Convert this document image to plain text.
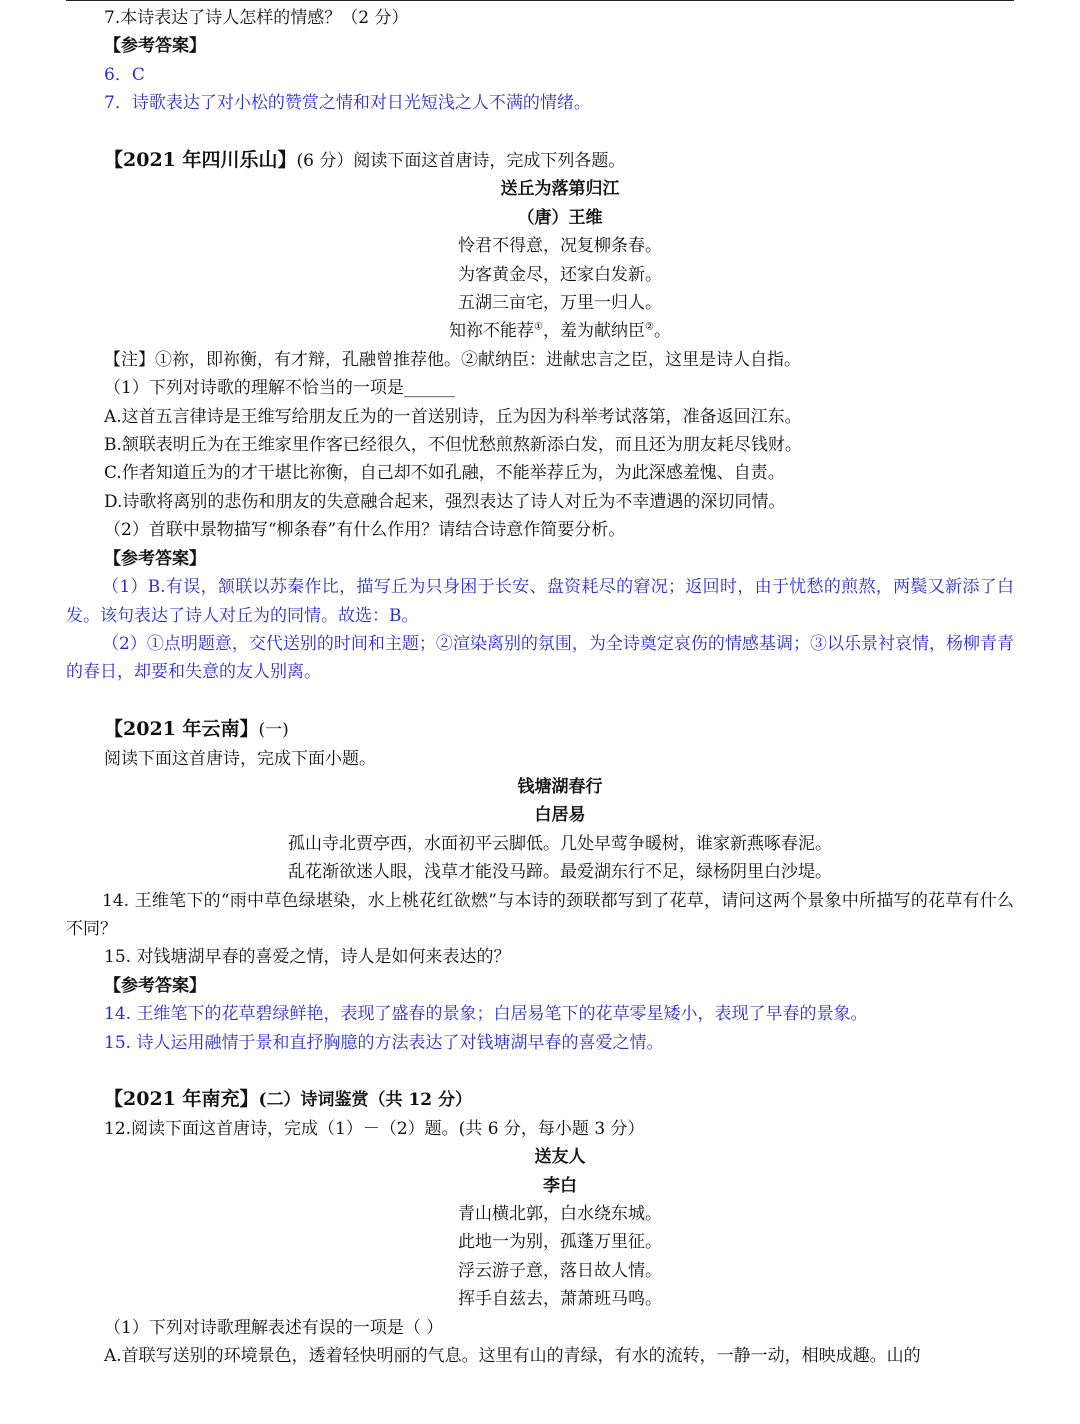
7.本诗表达了诗人怎样的情感？（2 分）
【参考答案】
6．C
7．诗歌表达了对小松的赞赏之情和对日光短浅之人不满的情绪。
【2021 年四川乐山】(6 分）阅读下面这首唐诗，完成下列各题。
送丘为落第归江
（唐）王维
怜君不得意，况复柳条春。
为客黄金尽，还家白发新。
五湖三亩宅，万里一归人。
知祢不能荐①，羞为献纳臣②。
【注】①祢，即祢衡，有才辩，孔融曾推荐他。②献纳臣：进献忠言之臣，这里是诗人自指。
（1）下列对诗歌的理解不恰当的一项是______
A.这首五言律诗是王维写给朋友丘为的一首送别诗，丘为因为科举考试落第，准备返回江东。
B.颔联表明丘为在王维家里作客已经很久，不但忧愁煎熬新添白发，而且还为朋友耗尽钱财。
C.作者知道丘为的才干堪比祢衡，自己却不如孔融，不能举荐丘为，为此深感羞愧、自责。
D.诗歌将离别的悲伤和朋友的失意融合起来，强烈表达了诗人对丘为不幸遭遇的深切同情。
（2）首联中景物描写“柳条春”有什么作用？请结合诗意作简要分析。
【参考答案】
（1）B.有误，颔联以苏秦作比，描写丘为只身困于长安、盘资耗尽的窘况；返回时，由于忧愁的煎熬，两鬓又新添了白发。该句表达了诗人对丘为的同情。故选：B。
（2）①点明题意，交代送别的时间和主题；②渲染离别的氛围，为全诗奠定哀伤的情感基调；③以乐景衬哀情，杨柳青青的春日，却要和失意的友人别离。
【2021 年云南】(一)
阅读下面这首唐诗，完成下面小题。
钱塘湖春行
白居易
孤山寺北贾亭西，水面初平云脚低。几处早莺争暖树，谁家新燕啄春泥。
乱花渐欲迷人眼，浅草才能没马蹄。最爱湖东行不足，绿杨阴里白沙堤。
14. 王维笔下的“雨中草色绿堪染，水上桃花红欲燃”与本诗的颈联都写到了花草，请问这两个景象中所描写的花草有什么不同？
15. 对钱塘湖早春的喜爱之情，诗人是如何来表达的？
【参考答案】
14. 王维笔下的花草碧绿鲜艳，表现了盛春的景象；白居易笔下的花草零星矮小，表现了早春的景象。
15. 诗人运用融情于景和直抒胸臆的方法表达了对钱塘湖早春的喜爱之情。
【2021 年南充】(二）诗词鉴赏（共 12 分）
12.阅读下面这首唐诗，完成（1）－（2）题。(共 6 分，每小题 3 分）
送友人
李白
青山横北郭，白水绕东城。
此地一为别，孤蓬万里征。
浮云游子意，落日故人情。
挥手自兹去，萧萧班马鸣。
（1）下列对诗歌理解表述有误的一项是（ ）
A.首联写送别的环境景色，透着轻快明丽的气息。这里有山的青绿，有水的流转，一静一动，相映成趣。山的
